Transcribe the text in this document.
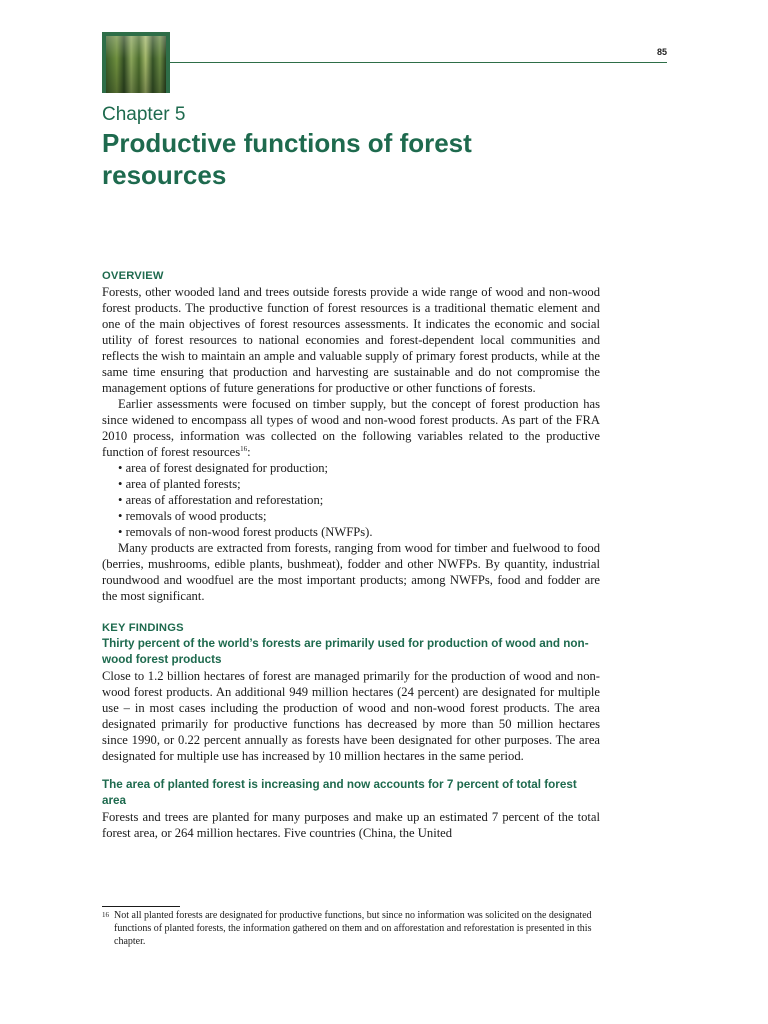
85
Chapter 5
Productive functions of forest resources
OVERVIEW

Forests, other wooded land and trees outside forests provide a wide range of wood and non-wood forest products. The productive function of forest resources is a traditional thematic element and one of the main objectives of forest resources assessments. It indicates the economic and social utility of forest resources to national economies and forest-dependent local communities and reflects the wish to maintain an ample and valuable supply of primary forest products, while at the same time ensuring that production and harvesting are sustainable and do not compromise the management options of future generations for productive or other functions of forests.

Earlier assessments were focused on timber supply, but the concept of forest production has since widened to encompass all types of wood and non-wood forest products. As part of the FRA 2010 process, information was collected on the following variables related to the productive function of forest resources$^{16}$:

• area of forest designated for production;
• area of planted forests;
• areas of afforestation and reforestation;
• removals of wood products;
• removals of non-wood forest products (NWFPs).

Many products are extracted from forests, ranging from wood for timber and fuelwood to food (berries, mushrooms, edible plants, bushmeat), fodder and other NWFPs. By quantity, industrial roundwood and woodfuel are the most important products; among NWFPs, food and fodder are the most significant.

KEY FINDINGS
Thirty percent of the world’s forests are primarily used for production of wood and non-wood forest products

Close to 1.2 billion hectares of forest are managed primarily for the production of wood and non-wood forest products. An additional 949 million hectares (24 percent) are designated for multiple use – in most cases including the production of wood and non-wood forest products. The area designated primarily for productive functions has decreased by more than 50 million hectares since 1990, or 0.22 percent annually as forests have been designated for other purposes. The area designated for multiple use has increased by 10 million hectares in the same period.

The area of planted forest is increasing and now accounts for 7 percent of total forest area

Forests and trees are planted for many purposes and make up an estimated 7 percent of the total forest area, or 264 million hectares. Five countries (China, the United

16 Not all planted forests are designated for productive functions, but since no information was solicited on the designated functions of planted forests, the information gathered on them and on afforestation and reforestation is presented in this chapter.
